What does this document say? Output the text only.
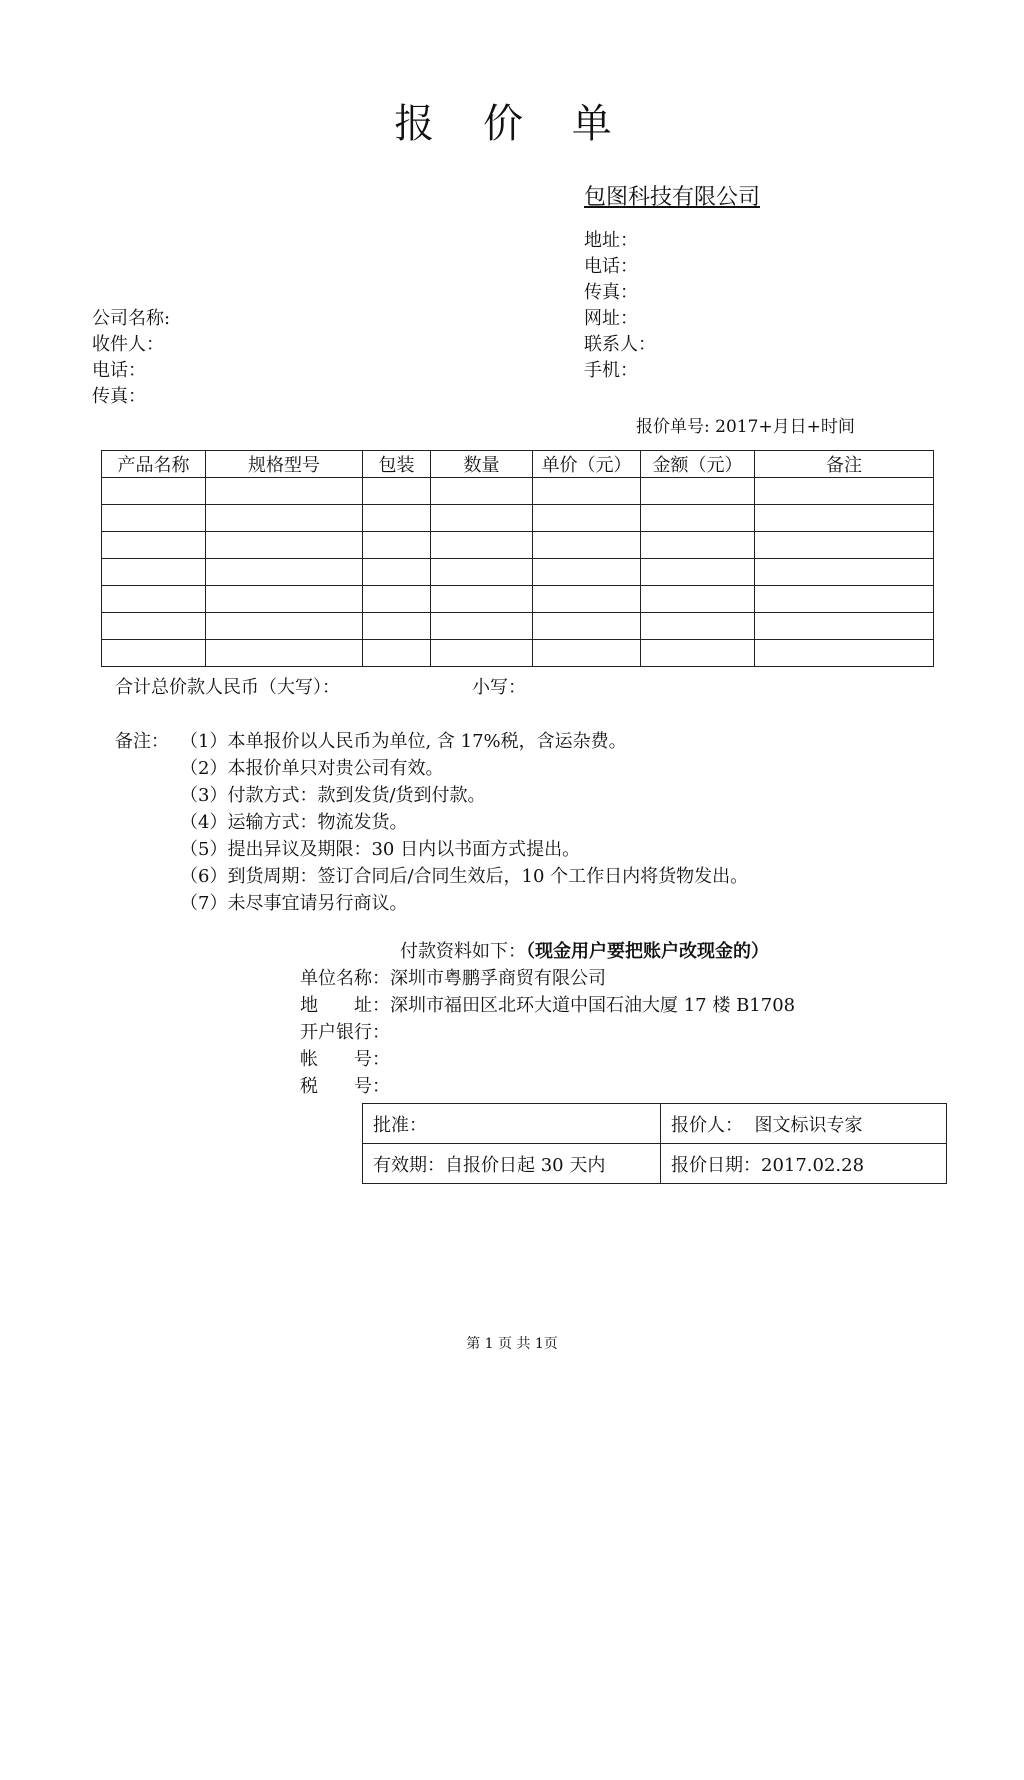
报 价 单
包图科技有限公司
地址：
电话：
传真：
网址：
联系人：
手机：
公司名称:
收件人：
电话：
传真：
报价单号: 2017+月日+时间
产品名称	规格型号	包装	数量	单价（元）	金额（元）	备注

合计总价款人民币（大写）：	小写：
备注： （1）本单报价以人民币为单位, 含 17%税，含运杂费。
（2）本报价单只对贵公司有效。
（3）付款方式：款到发货/货到付款。
（4）运输方式：物流发货。
（5）提出异议及期限：30 日内以书面方式提出。
（6）到货周期：签订合同后/合同生效后，10 个工作日内将货物发出。
（7）未尽事宜请另行商议。
付款资料如下：（现金用户要把账户改现金的）
单位名称：深圳市粤鹏孚商贸有限公司
地　　址：深圳市福田区北环大道中国石油大厦 17 楼 B1708
开户银行：
帐　　号：
税　　号：
批准：	报价人： 图文标识专家
有效期：自报价日起 30 天内	报价日期：2017.02.28
第 1 页 共 1页
